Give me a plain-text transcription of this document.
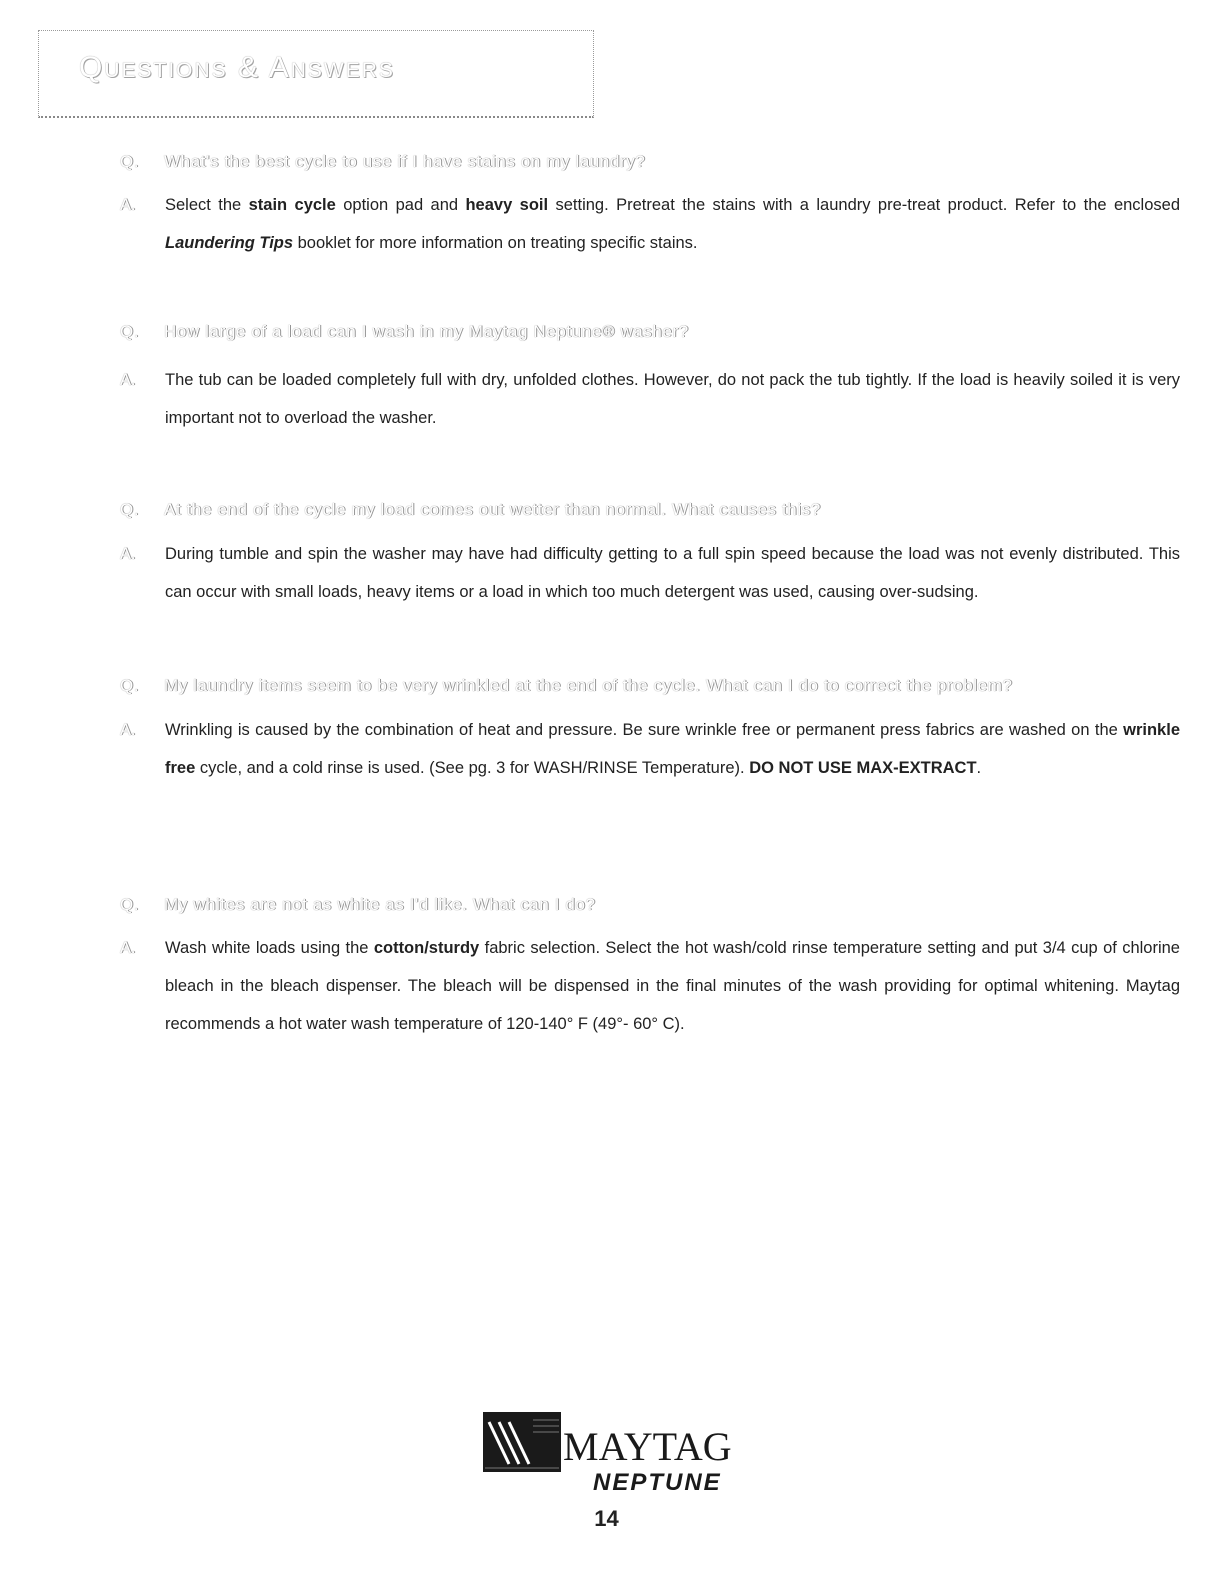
Questions & Answers
Q. What's the best cycle to use if I have stains on my laundry?
A.	Select the stain cycle option pad and heavy soil setting. Pretreat the stains with a laundry pre-treat product. Refer to the enclosed Laundering Tips booklet for more information on treating specific stains.
Q. How large of a load can I wash in my Maytag Neptune® washer?
A.	The tub can be loaded completely full with dry, unfolded clothes. However, do not pack the tub tightly. If the load is heavily soiled it is very important not to overload the washer.
Q. At the end of the cycle my load comes out wetter than normal. What causes this?
A.	During tumble and spin the washer may have had difficulty getting to a full spin speed because the load was not evenly distributed. This can occur with small loads, heavy items or a load in which too much detergent was used, causing over-sudsing.
Q. My laundry items seem to be very wrinkled at the end of the cycle. What can I do to correct the problem?
A.	Wrinkling is caused by the combination of heat and pressure. Be sure wrinkle free or permanent press fabrics are washed on the wrinkle free cycle, and a cold rinse is used. (See pg. 3 for WASH/RINSE Temperature). DO NOT USE MAX-EXTRACT.
Q. My whites are not as white as I'd like. What can I do?
A.	Wash white loads using the cotton/sturdy fabric selection. Select the hot wash/cold rinse temperature setting and put 3/4 cup of chlorine bleach in the bleach dispenser. The bleach will be dispensed in the final minutes of the wash providing for optimal whitening. Maytag recommends a hot water wash temperature of 120-140° F (49°- 60° C).
MAYTAG
NEPTUNE
14
